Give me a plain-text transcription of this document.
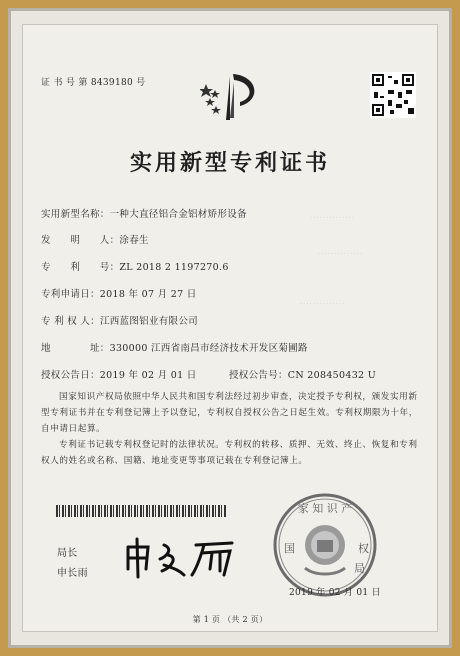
··············
··············
··············
证 书 号 第 8439180 号
实用新型专利证书
实用新型名称：一种大直径铝合金铝材矫形设备
发　　明　　人：涂春生
专　　利　　号：ZL 2018 2 1197270.6
专利申请日：2018 年 07 月 27 日
专 利 权 人：江西蓝图铝业有限公司
地　　　　址：330000 江西省南昌市经济技术开发区菊圃路
授权公告日：2019 年 02 月 01 日	授权公告号：CN 208450432 U
国家知识产权局依照中华人民共和国专利法经过初步审查，决定授予专利权，颁发实用新型专利证书并在专利登记簿上予以登记，专利权自授权公告之日起生效。专利权期限为十年，自申请日起算。
专利证书记载专利权登记时的法律状况。专利权的转移、质押、无效、终止、恢复和专利权人的姓名或名称、国籍、地址变更等事项记载在专利登记簿上。
局长
申长雨
家 知 识 产
国	权
局
2019 年 02 月 01 日
第 1 页 （共 2 页）
